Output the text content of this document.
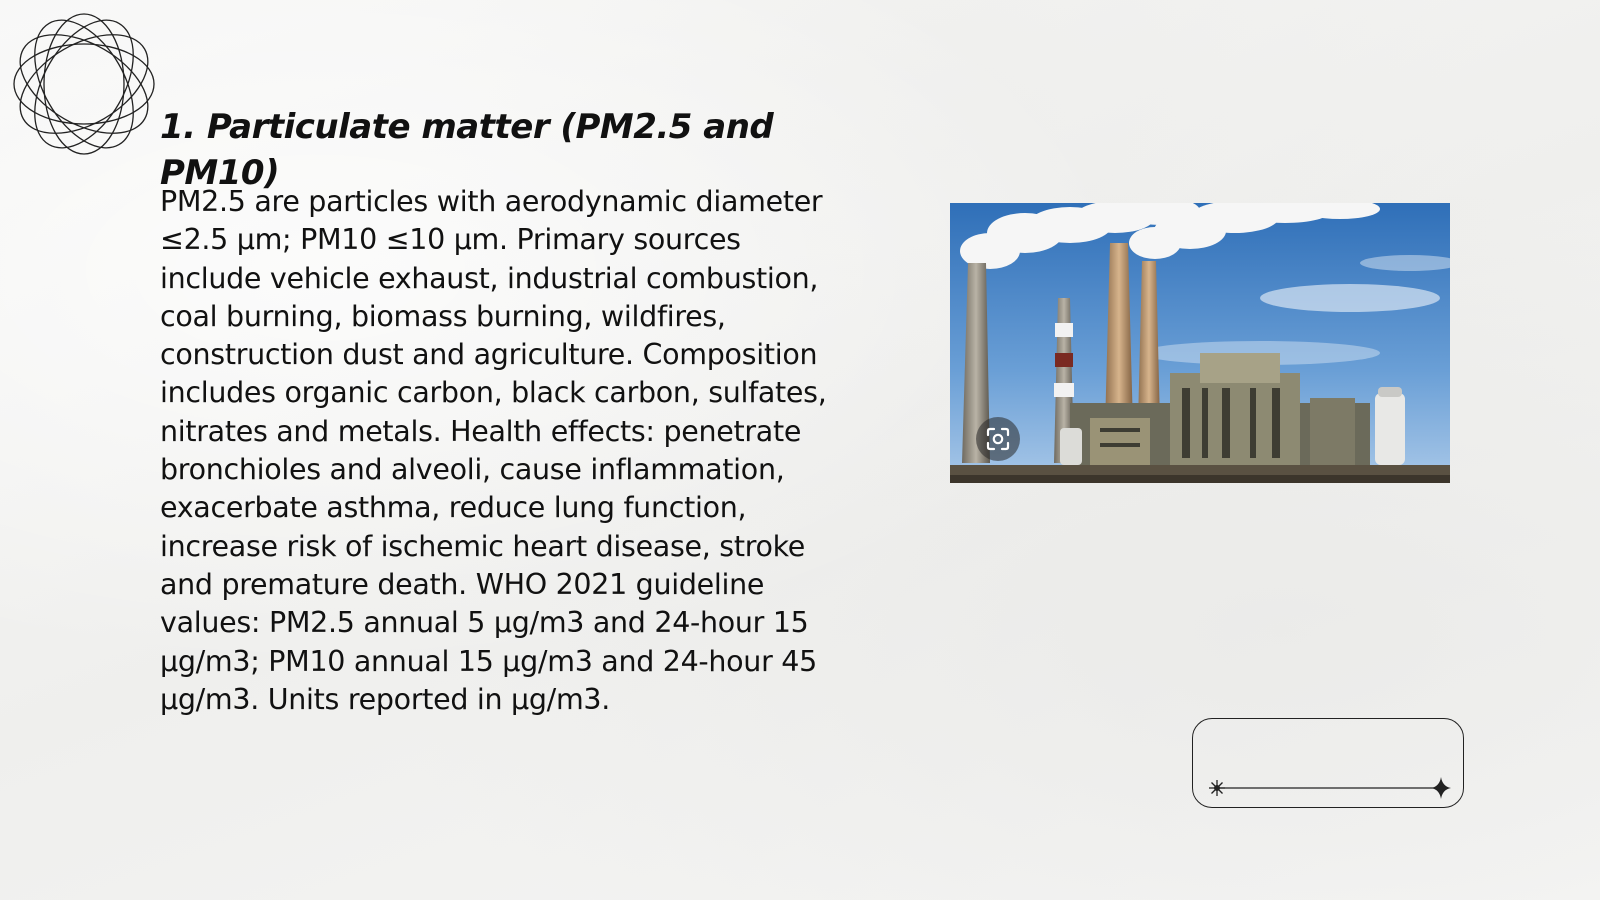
1. Particulate matter (PM2.5 and PM10)

PM2.5 are particles with aerodynamic diameter ≤2.5 μm; PM10 ≤10 μm. Primary sources include vehicle exhaust, industrial combustion, coal burning, biomass burning, wildfires, construction dust and agriculture. Composition includes organic carbon, black carbon, sulfates, nitrates and metals. Health effects: penetrate bronchioles and alveoli, cause inflammation, exacerbate asthma, reduce lung function, increase risk of ischemic heart disease, stroke and premature death. WHO 2021 guideline values: PM2.5 annual 5 μg/m3 and 24-hour 15 μg/m3; PM10 annual 15 μg/m3 and 24-hour 45 μg/m3. Units reported in μg/m3.
